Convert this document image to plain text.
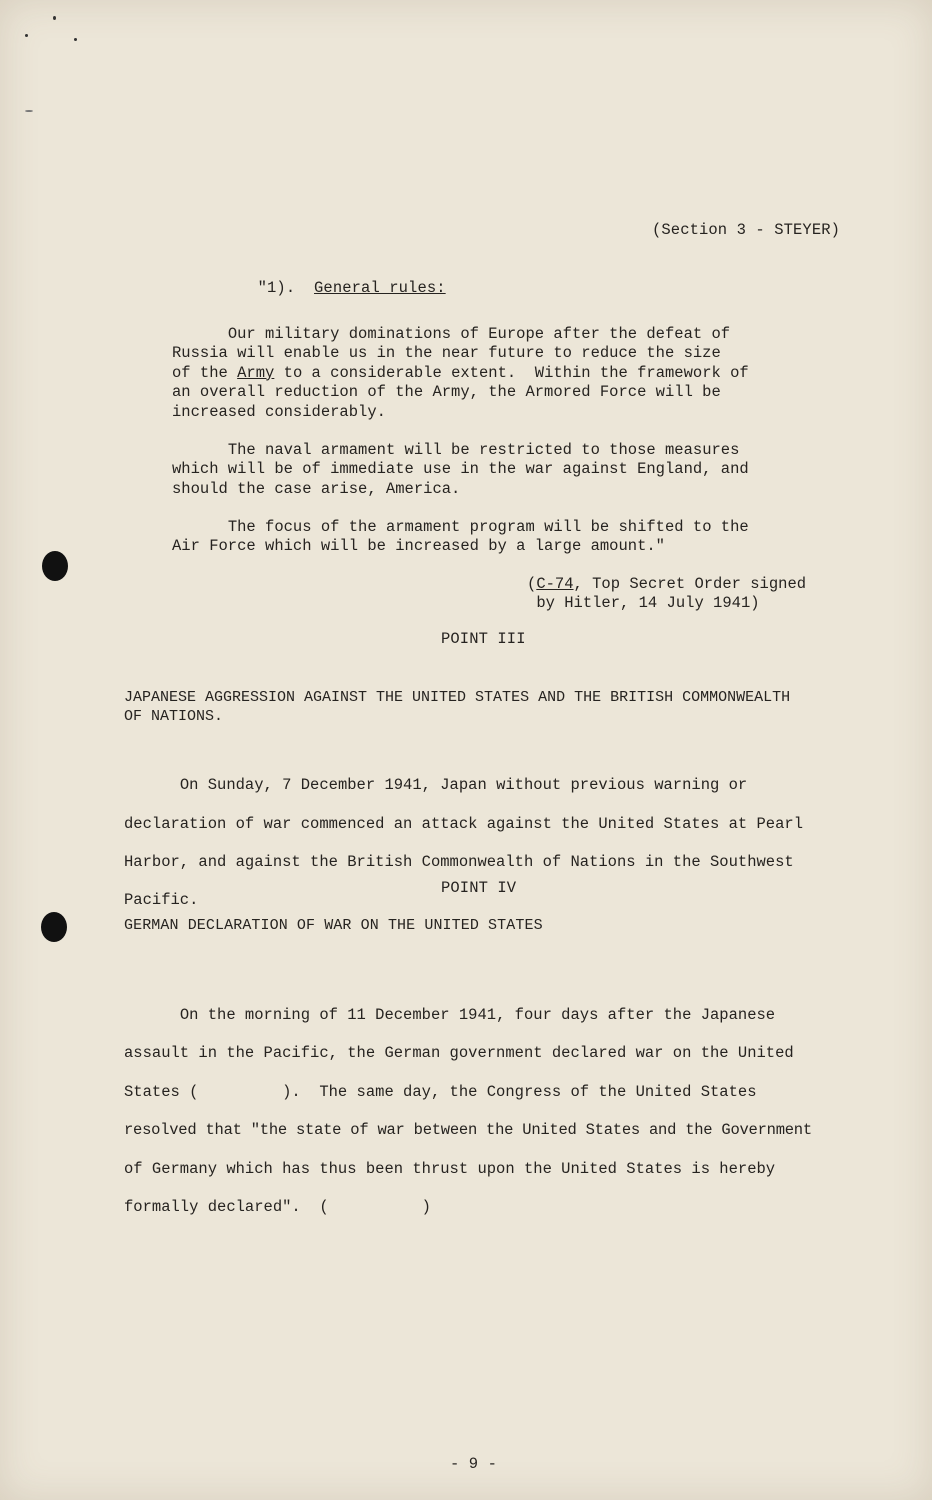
(Section 3 - STEYER)

"1). General rules:

Our military dominations of Europe after the defeat of
Russia will enable us in the near future to reduce the size
of the Army to a considerable extent.  Within the framework of
an overall reduction of the Army, the Armored Force will be
increased considerably.

The naval armament will be restricted to those measures
which will be of immediate use in the war against England, and
should the case arise, America.

The focus of the armament program will be shifted to the
Air Force which will be increased by a large amount."

(C-74, Top Secret Order signed
by Hitler, 14 July 1941)
POINT III

JAPANESE AGGRESSION AGAINST THE UNITED STATES AND THE BRITISH COMMONWEALTH
OF NATIONS.

On Sunday, 7 December 1941, Japan without previous warning or
declaration of war commenced an attack against the United States at Pearl
Harbor, and against the British Commonwealth of Nations in the Southwest
Pacific.
POINT IV
GERMAN DECLARATION OF WAR ON THE UNITED STATES

On the morning of 11 December 1941, four days after the Japanese
assault in the Pacific, the German government declared war on the United
States (         ).  The same day, the Congress of the United States
resolved that "the state of war between the United States and the Government
of Germany which has thus been thrust upon the United States is hereby
formally declared".  (          )
- 9 -
